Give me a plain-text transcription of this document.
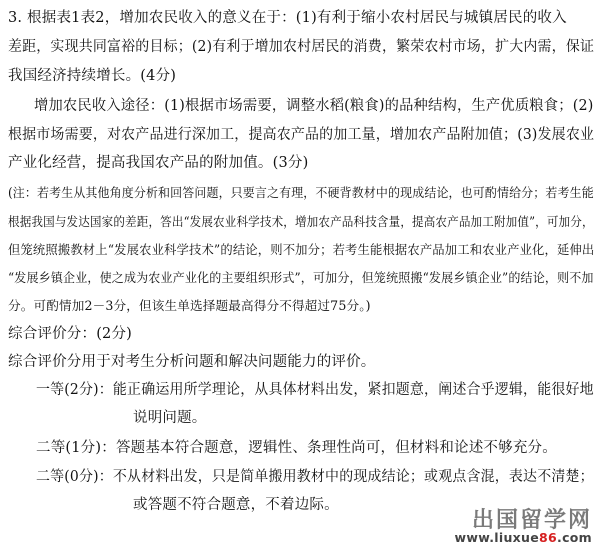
3. 根据表1表2，增加农民收入的意义在于：(1)有利于缩小农村居民与城镇居民的收入
差距，实现共同富裕的目标；(2)有利于增加农村居民的消费，繁荣农村市场，扩大内需，保证
我国经济持续增长。(4分)
增加农民收入途径：(1)根据市场需要，调整水稻(粮食)的品种结构，生产优质粮食；(2)
根据市场需要，对农产品进行深加工，提高农产品的加工量，增加农产品附加值；(3)发展农业
产业化经营，提高我国农产品的附加值。(3分)
(注：若考生从其他角度分析和回答问题，只要言之有理，不硬背教材中的现成结论，也可酌情给分；若考生能
根据我国与发达国家的差距，答出“发展农业科学技术，增加农产品科技含量，提高农产品加工附加值”，可加分，
但笼统照搬教材上“发展农业科学技术”的结论，则不加分；若考生能根据农产品加工和农业产业化，延伸出
“发展乡镇企业，使之成为农业产业化的主要组织形式”，可加分，但笼统照搬“发展乡镇企业”的结论，则不加
分。可酌情加2－3分，但该生单选择题最高得分不得超过75分。)
综合评价分：(2分)
综合评价分用于对考生分析问题和解决问题能力的评价。
一等(2分)：能正确运用所学理论，从具体材料出发，紧扣题意，阐述合乎逻辑，能很好地
说明问题。
二等(1分)：答题基本符合题意，逻辑性、条理性尚可，但材料和论述不够充分。
二等(0分)：不从材料出发，只是简单搬用教材中的现成结论；或观点含混，表达不清楚；
或答题不符合题意，不着边际。
出国留学网
www.liuxue86.com
